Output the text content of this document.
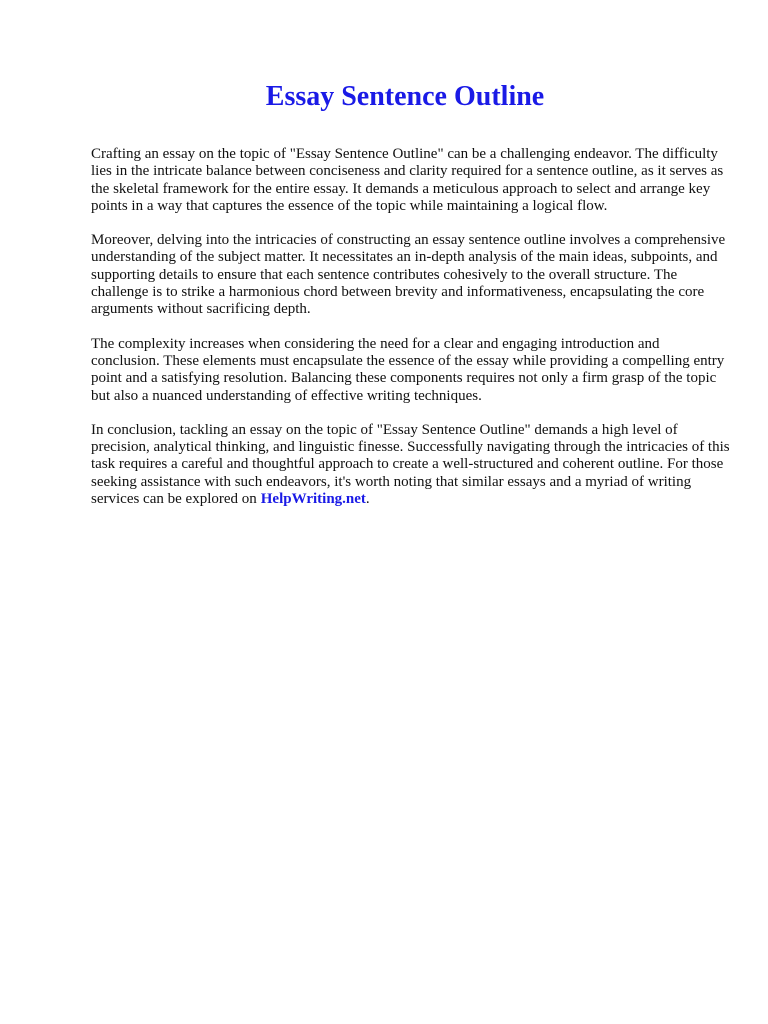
Essay Sentence Outline

Crafting an essay on the topic of "Essay Sentence Outline" can be a challenging endeavor. The difficulty lies in the intricate balance between conciseness and clarity required for a sentence outline, as it serves as the skeletal framework for the entire essay. It demands a meticulous approach to select and arrange key points in a way that captures the essence of the topic while maintaining a logical flow.

Moreover, delving into the intricacies of constructing an essay sentence outline involves a comprehensive understanding of the subject matter. It necessitates an in-depth analysis of the main ideas, subpoints, and supporting details to ensure that each sentence contributes cohesively to the overall structure. The challenge is to strike a harmonious chord between brevity and informativeness, encapsulating the core arguments without sacrificing depth.

The complexity increases when considering the need for a clear and engaging introduction and conclusion. These elements must encapsulate the essence of the essay while providing a compelling entry point and a satisfying resolution. Balancing these components requires not only a firm grasp of the topic but also a nuanced understanding of effective writing techniques.

In conclusion, tackling an essay on the topic of "Essay Sentence Outline" demands a high level of precision, analytical thinking, and linguistic finesse. Successfully navigating through the intricacies of this task requires a careful and thoughtful approach to create a well-structured and coherent outline. For those seeking assistance with such endeavors, it's worth noting that similar essays and a myriad of writing services can be explored on HelpWriting.net.
